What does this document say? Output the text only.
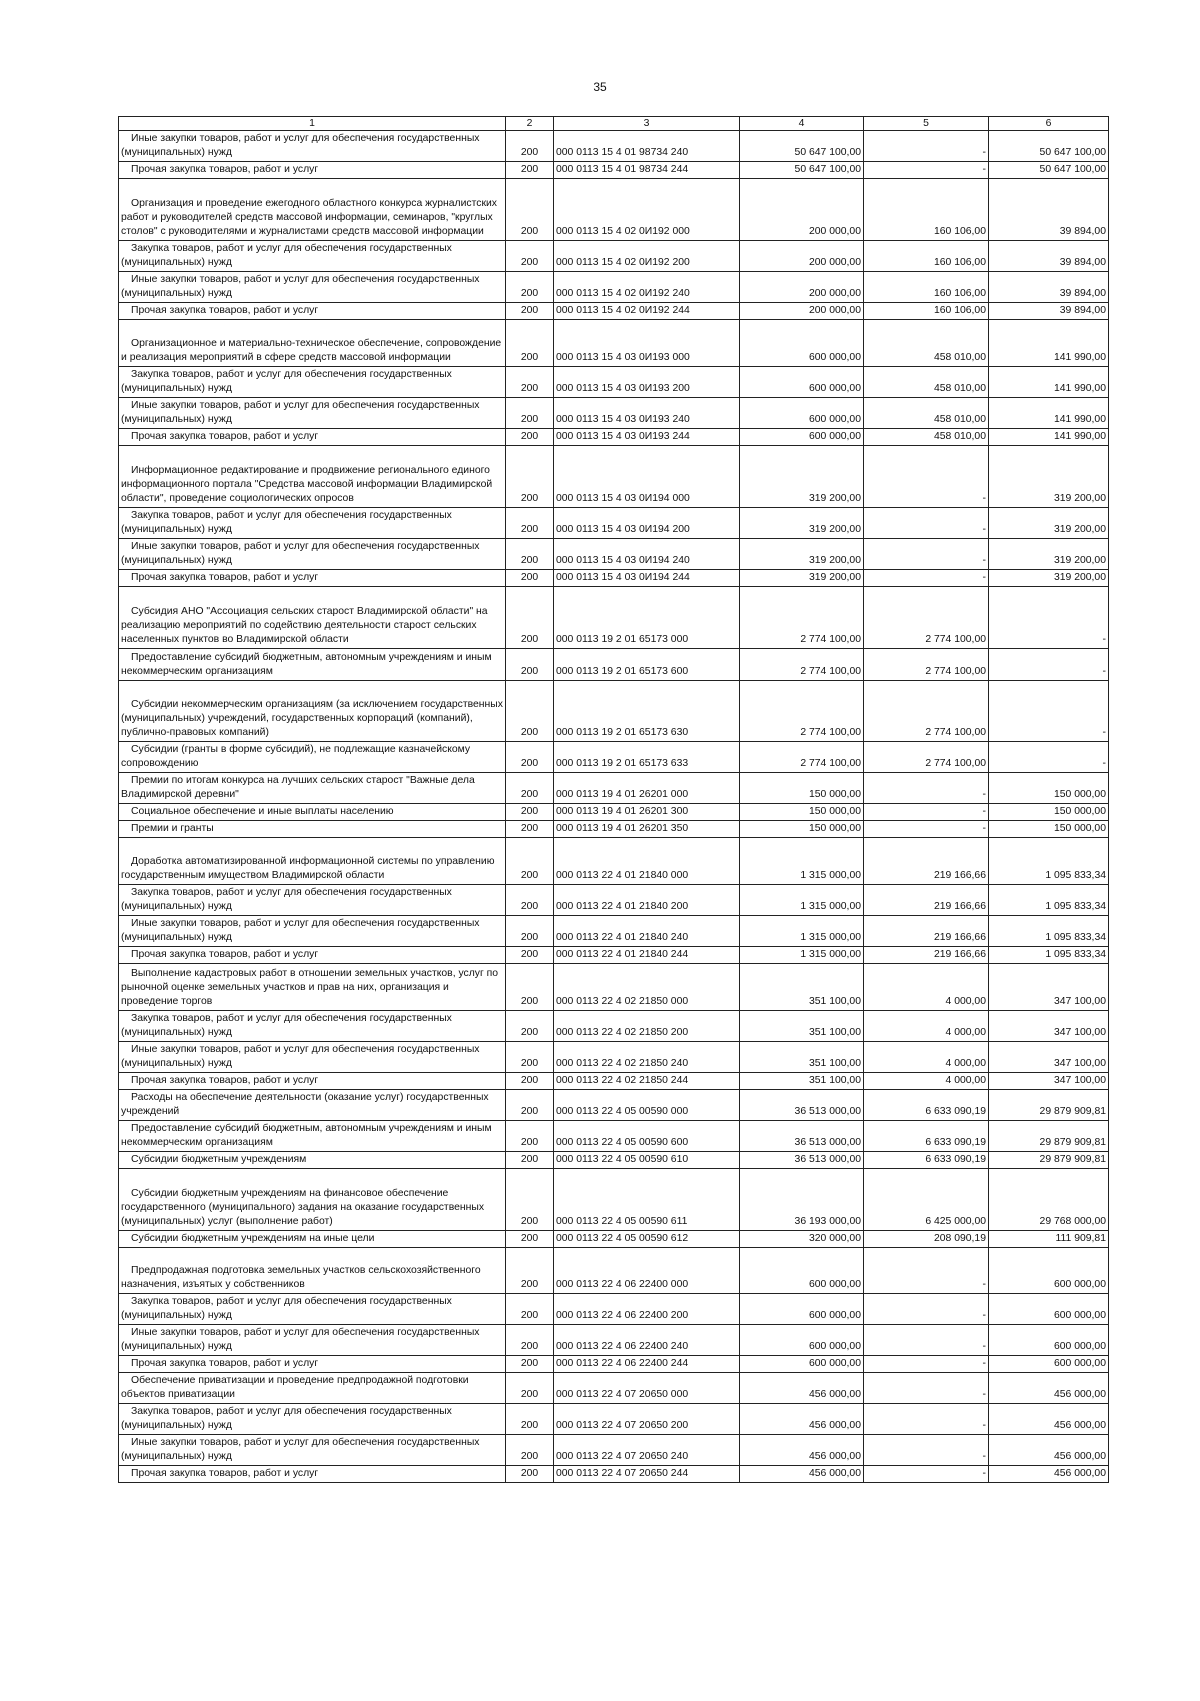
35
1	2	3	4	5	6

Иные закупки товаров, работ и услуг для обеспечения государственных (муниципальных) нужд	200	000 0113 15 4 01 98734 240	50 647 100,00	-	50 647 100,00

Прочая закупка товаров, работ и услуг	200	000 0113 15 4 01 98734 244	50 647 100,00	-	50 647 100,00

Организация и проведение ежегодного областного конкурса журналистских работ и руководителей средств массовой информации, семинаров, "круглых столов" с руководителями и журналистами средств массовой информации	200	000 0113 15 4 02 0И192 000	200 000,00	160 106,00	39 894,00

Закупка товаров, работ и услуг для обеспечения государственных (муниципальных) нужд	200	000 0113 15 4 02 0И192 200	200 000,00	160 106,00	39 894,00

Иные закупки товаров, работ и услуг для обеспечения государственных (муниципальных) нужд	200	000 0113 15 4 02 0И192 240	200 000,00	160 106,00	39 894,00

Прочая закупка товаров, работ и услуг	200	000 0113 15 4 02 0И192 244	200 000,00	160 106,00	39 894,00

Организационное и материально-техническое обеспечение, сопровождение и реализация мероприятий в сфере средств массовой информации	200	000 0113 15 4 03 0И193 000	600 000,00	458 010,00	141 990,00

Закупка товаров, работ и услуг для обеспечения государственных (муниципальных) нужд	200	000 0113 15 4 03 0И193 200	600 000,00	458 010,00	141 990,00

Иные закупки товаров, работ и услуг для обеспечения государственных (муниципальных) нужд	200	000 0113 15 4 03 0И193 240	600 000,00	458 010,00	141 990,00

Прочая закупка товаров, работ и услуг	200	000 0113 15 4 03 0И193 244	600 000,00	458 010,00	141 990,00

Информационное редактирование и продвижение регионального единого информационного портала "Средства массовой информации Владимирской области", проведение социологических опросов	200	000 0113 15 4 03 0И194 000	319 200,00	-	319 200,00

Закупка товаров, работ и услуг для обеспечения государственных (муниципальных) нужд	200	000 0113 15 4 03 0И194 200	319 200,00	-	319 200,00

Иные закупки товаров, работ и услуг для обеспечения государственных (муниципальных) нужд	200	000 0113 15 4 03 0И194 240	319 200,00	-	319 200,00

Прочая закупка товаров, работ и услуг	200	000 0113 15 4 03 0И194 244	319 200,00	-	319 200,00

Субсидия АНО "Ассоциация сельских старост Владимирской области" на реализацию мероприятий по содействию деятельности старост сельских населенных пунктов во Владимирской области	200	000 0113 19 2 01 65173 000	2 774 100,00	2 774 100,00	-

Предоставление субсидий бюджетным, автономным учреждениям и иным некоммерческим организациям	200	000 0113 19 2 01 65173 600	2 774 100,00	2 774 100,00	-

Субсидии некоммерческим организациям (за исключением государственных (муниципальных) учреждений, государственных корпораций (компаний), публично-правовых компаний)	200	000 0113 19 2 01 65173 630	2 774 100,00	2 774 100,00	-

Субсидии (гранты в форме субсидий), не подлежащие казначейскому сопровождению	200	000 0113 19 2 01 65173 633	2 774 100,00	2 774 100,00	-

Премии по итогам конкурса на лучших сельских старост "Важные дела Владимирской деревни"	200	000 0113 19 4 01 26201 000	150 000,00	-	150 000,00

Социальное обеспечение и иные выплаты населению	200	000 0113 19 4 01 26201 300	150 000,00	-	150 000,00

Премии и гранты	200	000 0113 19 4 01 26201 350	150 000,00	-	150 000,00

Доработка автоматизированной информационной системы по управлению государственным имуществом Владимирской области	200	000 0113 22 4 01 21840 000	1 315 000,00	219 166,66	1 095 833,34

Закупка товаров, работ и услуг для обеспечения государственных (муниципальных) нужд	200	000 0113 22 4 01 21840 200	1 315 000,00	219 166,66	1 095 833,34

Иные закупки товаров, работ и услуг для обеспечения государственных (муниципальных) нужд	200	000 0113 22 4 01 21840 240	1 315 000,00	219 166,66	1 095 833,34

Прочая закупка товаров, работ и услуг	200	000 0113 22 4 01 21840 244	1 315 000,00	219 166,66	1 095 833,34

Выполнение кадастровых работ в отношении земельных участков, услуг по рыночной оценке земельных участков и прав на них, организация и проведение торгов	200	000 0113 22 4 02 21850 000	351 100,00	4 000,00	347 100,00

Закупка товаров, работ и услуг для обеспечения государственных (муниципальных) нужд	200	000 0113 22 4 02 21850 200	351 100,00	4 000,00	347 100,00

Иные закупки товаров, работ и услуг для обеспечения государственных (муниципальных) нужд	200	000 0113 22 4 02 21850 240	351 100,00	4 000,00	347 100,00

Прочая закупка товаров, работ и услуг	200	000 0113 22 4 02 21850 244	351 100,00	4 000,00	347 100,00

Расходы на обеспечение деятельности (оказание услуг) государственных учреждений	200	000 0113 22 4 05 00590 000	36 513 000,00	6 633 090,19	29 879 909,81

Предоставление субсидий бюджетным, автономным учреждениям и иным некоммерческим организациям	200	000 0113 22 4 05 00590 600	36 513 000,00	6 633 090,19	29 879 909,81

Субсидии бюджетным учреждениям	200	000 0113 22 4 05 00590 610	36 513 000,00	6 633 090,19	29 879 909,81

Субсидии бюджетным учреждениям на финансовое обеспечение государственного (муниципального) задания на оказание государственных (муниципальных) услуг (выполнение работ)	200	000 0113 22 4 05 00590 611	36 193 000,00	6 425 000,00	29 768 000,00

Субсидии бюджетным учреждениям на иные цели	200	000 0113 22 4 05 00590 612	320 000,00	208 090,19	111 909,81

Предпродажная подготовка земельных участков сельскохозяйственного назначения, изъятых у собственников	200	000 0113 22 4 06 22400 000	600 000,00	-	600 000,00

Закупка товаров, работ и услуг для обеспечения государственных (муниципальных) нужд	200	000 0113 22 4 06 22400 200	600 000,00	-	600 000,00

Иные закупки товаров, работ и услуг для обеспечения государственных (муниципальных) нужд	200	000 0113 22 4 06 22400 240	600 000,00	-	600 000,00

Прочая закупка товаров, работ и услуг	200	000 0113 22 4 06 22400 244	600 000,00	-	600 000,00

Обеспечение приватизации и проведение предпродажной подготовки объектов приватизации	200	000 0113 22 4 07 20650 000	456 000,00	-	456 000,00

Закупка товаров, работ и услуг для обеспечения государственных (муниципальных) нужд	200	000 0113 22 4 07 20650 200	456 000,00	-	456 000,00

Иные закупки товаров, работ и услуг для обеспечения государственных (муниципальных) нужд	200	000 0113 22 4 07 20650 240	456 000,00	-	456 000,00

Прочая закупка товаров, работ и услуг	200	000 0113 22 4 07 20650 244	456 000,00	-	456 000,00
